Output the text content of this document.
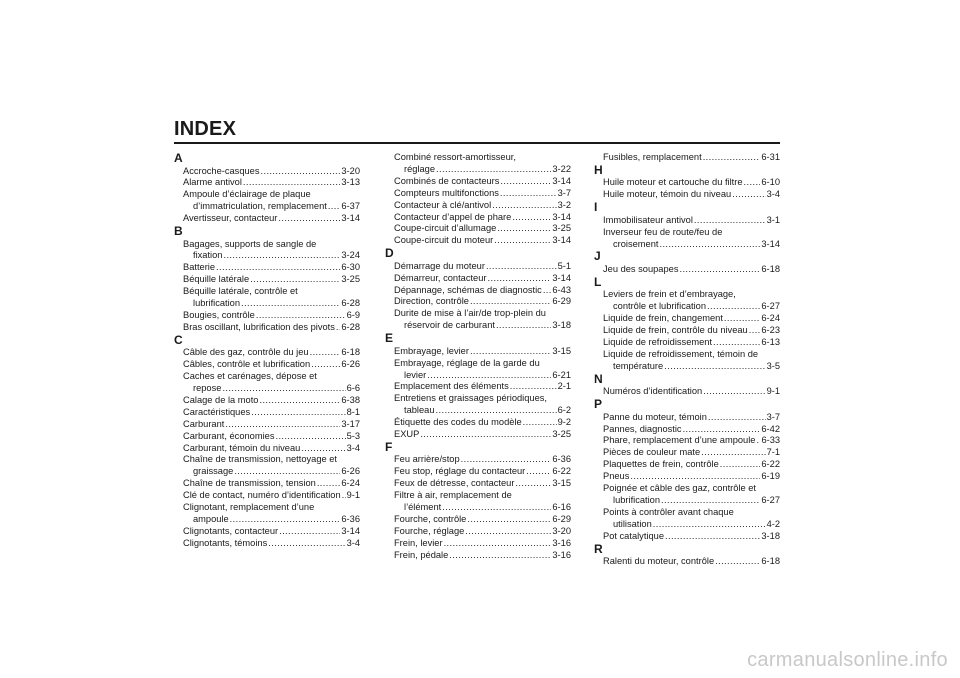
INDEX
A
Accroche-casques .....	3-20
Alarme antivol .....	3-13
Ampoule d’éclairage de plaque
d’immatriculation, remplacement ..... 6-37
Avertisseur, contacteur .....	3-14
B
Bagages, supports de sangle de
fixation .....	3-24
Batterie .....	6-30
Béquille latérale .....	3-25
Béquille latérale, contrôle et
lubrification .....	6-28
Bougies, contrôle .....	6-9
Bras oscillant, lubrification des pivots ..... 6-28
C
Câble des gaz, contrôle du jeu .....	6-18
Câbles, contrôle et lubrification .....	6-26
Caches et carénages, dépose et
repose .....	6-6
Calage de la moto .....	6-38
Caractéristiques .....	8-1
Carburant .....	3-17
Carburant, économies .....	5-3
Carburant, témoin du niveau .....	3-4
Chaîne de transmission, nettoyage et
graissage .....	6-26
Chaîne de transmission, tension .....	6-24
Clé de contact, numéro d’identification ..... 9-1
Clignotant, remplacement d’une
ampoule .....	6-36
Clignotants, contacteur .....	3-14
Clignotants, témoins .....	3-4
Combiné ressort-amortisseur,
réglage .....	3-22
Combinés de contacteurs .....	3-14
Compteurs multifonctions .....	3-7
Contacteur à clé/antivol .....	3-2
Contacteur d’appel de phare .....	3-14
Coupe-circuit d’allumage .....	3-25
Coupe-circuit du moteur .....	3-14
D
Démarrage du moteur .....	5-1
Démarreur, contacteur .....	3-14
Dépannage, schémas de diagnostic ..... 6-43
Direction, contrôle .....	6-29
Durite de mise à l’air/de trop-plein du
réservoir de carburant .....	3-18
E
Embrayage, levier .....	3-15
Embrayage, réglage de la garde du
levier .....	6-21
Emplacement des éléments .....	2-1
Entretiens et graissages périodiques,
tableau .....	6-2
Étiquette des codes du modèle .....	9-2
EXUP .....	3-25
F
Feu arrière/stop .....	6-36
Feu stop, réglage du contacteur .....	6-22
Feux de détresse, contacteur .....	3-15
Filtre à air, remplacement de
l’élément .....	6-16
Fourche, contrôle .....	6-29
Fourche, réglage .....	3-20
Frein, levier .....	3-16
Frein, pédale .....	3-16
Fusibles, remplacement .....	6-31
H
Huile moteur et cartouche du filtre ..... 6-10
Huile moteur, témoin du niveau .....	3-4
I
Immobilisateur antivol .....	3-1
Inverseur feu de route/feu de
croisement .....	3-14
J
Jeu des soupapes .....	6-18
L
Leviers de frein et d’embrayage,
contrôle et lubrification .....	6-27
Liquide de frein, changement .....	6-24
Liquide de frein, contrôle du niveau ..... 6-23
Liquide de refroidissement .....	6-13
Liquide de refroidissement, témoin de
température .....	3-5
N
Numéros d’identification .....	9-1
P
Panne du moteur, témoin .....	3-7
Pannes, diagnostic .....	6-42
Phare, remplacement d’une ampoule ..... 6-33
Pièces de couleur mate .....	7-1
Plaquettes de frein, contrôle .....	6-22
Pneus .....	6-19
Poignée et câble des gaz, contrôle et
lubrification .....	6-27
Points à contrôler avant chaque
utilisation .....	4-2
Pot catalytique .....	3-18
R
Ralenti du moteur, contrôle .....	6-18
carmanualsonline.info
